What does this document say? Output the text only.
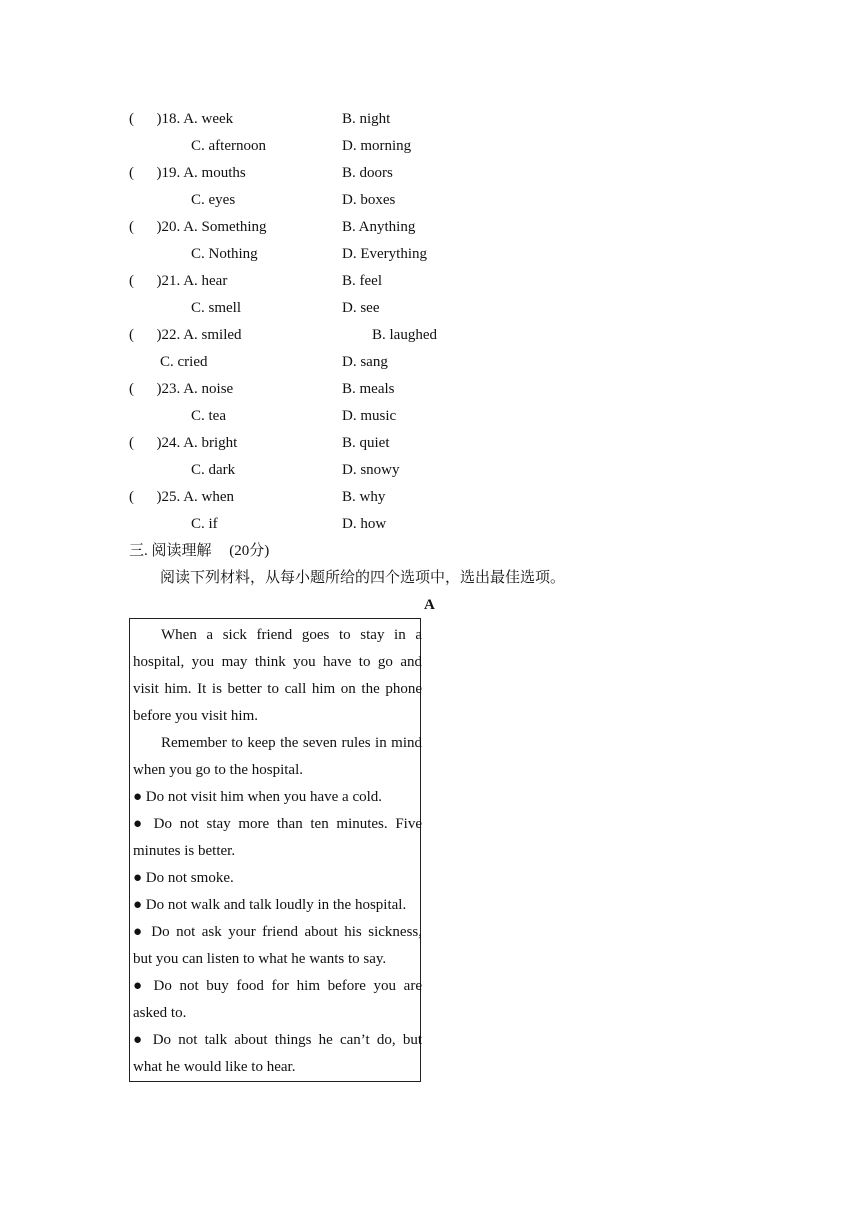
(      )18. A. week	B. night
C. afternoon	D. morning
(      )19. A. mouths	B. doors
C. eyes	D. boxes
(      )20. A. Something	B. Anything
C. Nothing	D. Everything
(      )21. A. hear	B. feel
C. smell	D. see
(      )22. A. smiled	B. laughed
C. cried	D. sang
(      )23. A. noise	B. meals
C. tea	D. music
(      )24. A. bright	B. quiet
C. dark	D. snowy
(      )25. A. when	B. why
C. if	D. how
三. 阅读理解 (20分)
阅读下列材料，从每小题所给的四个选项中，选出最佳选项。
A
When a sick friend goes to stay in a
hospital, you may think you have to go and
visit him. It is better to call him on the phone
before you visit him.
Remember to keep the seven rules in mind
when you go to the hospital.
● Do not visit him when you have a cold.
● Do not stay more than ten minutes. Five
minutes is better.
● Do not smoke.
● Do not walk and talk loudly in the hospital.
● Do not ask your friend about his sickness,
but you can listen to what he wants to say.
● Do not buy food for him before you are
asked to.
● Do not talk about things he can’t do, but
what he would like to hear.
